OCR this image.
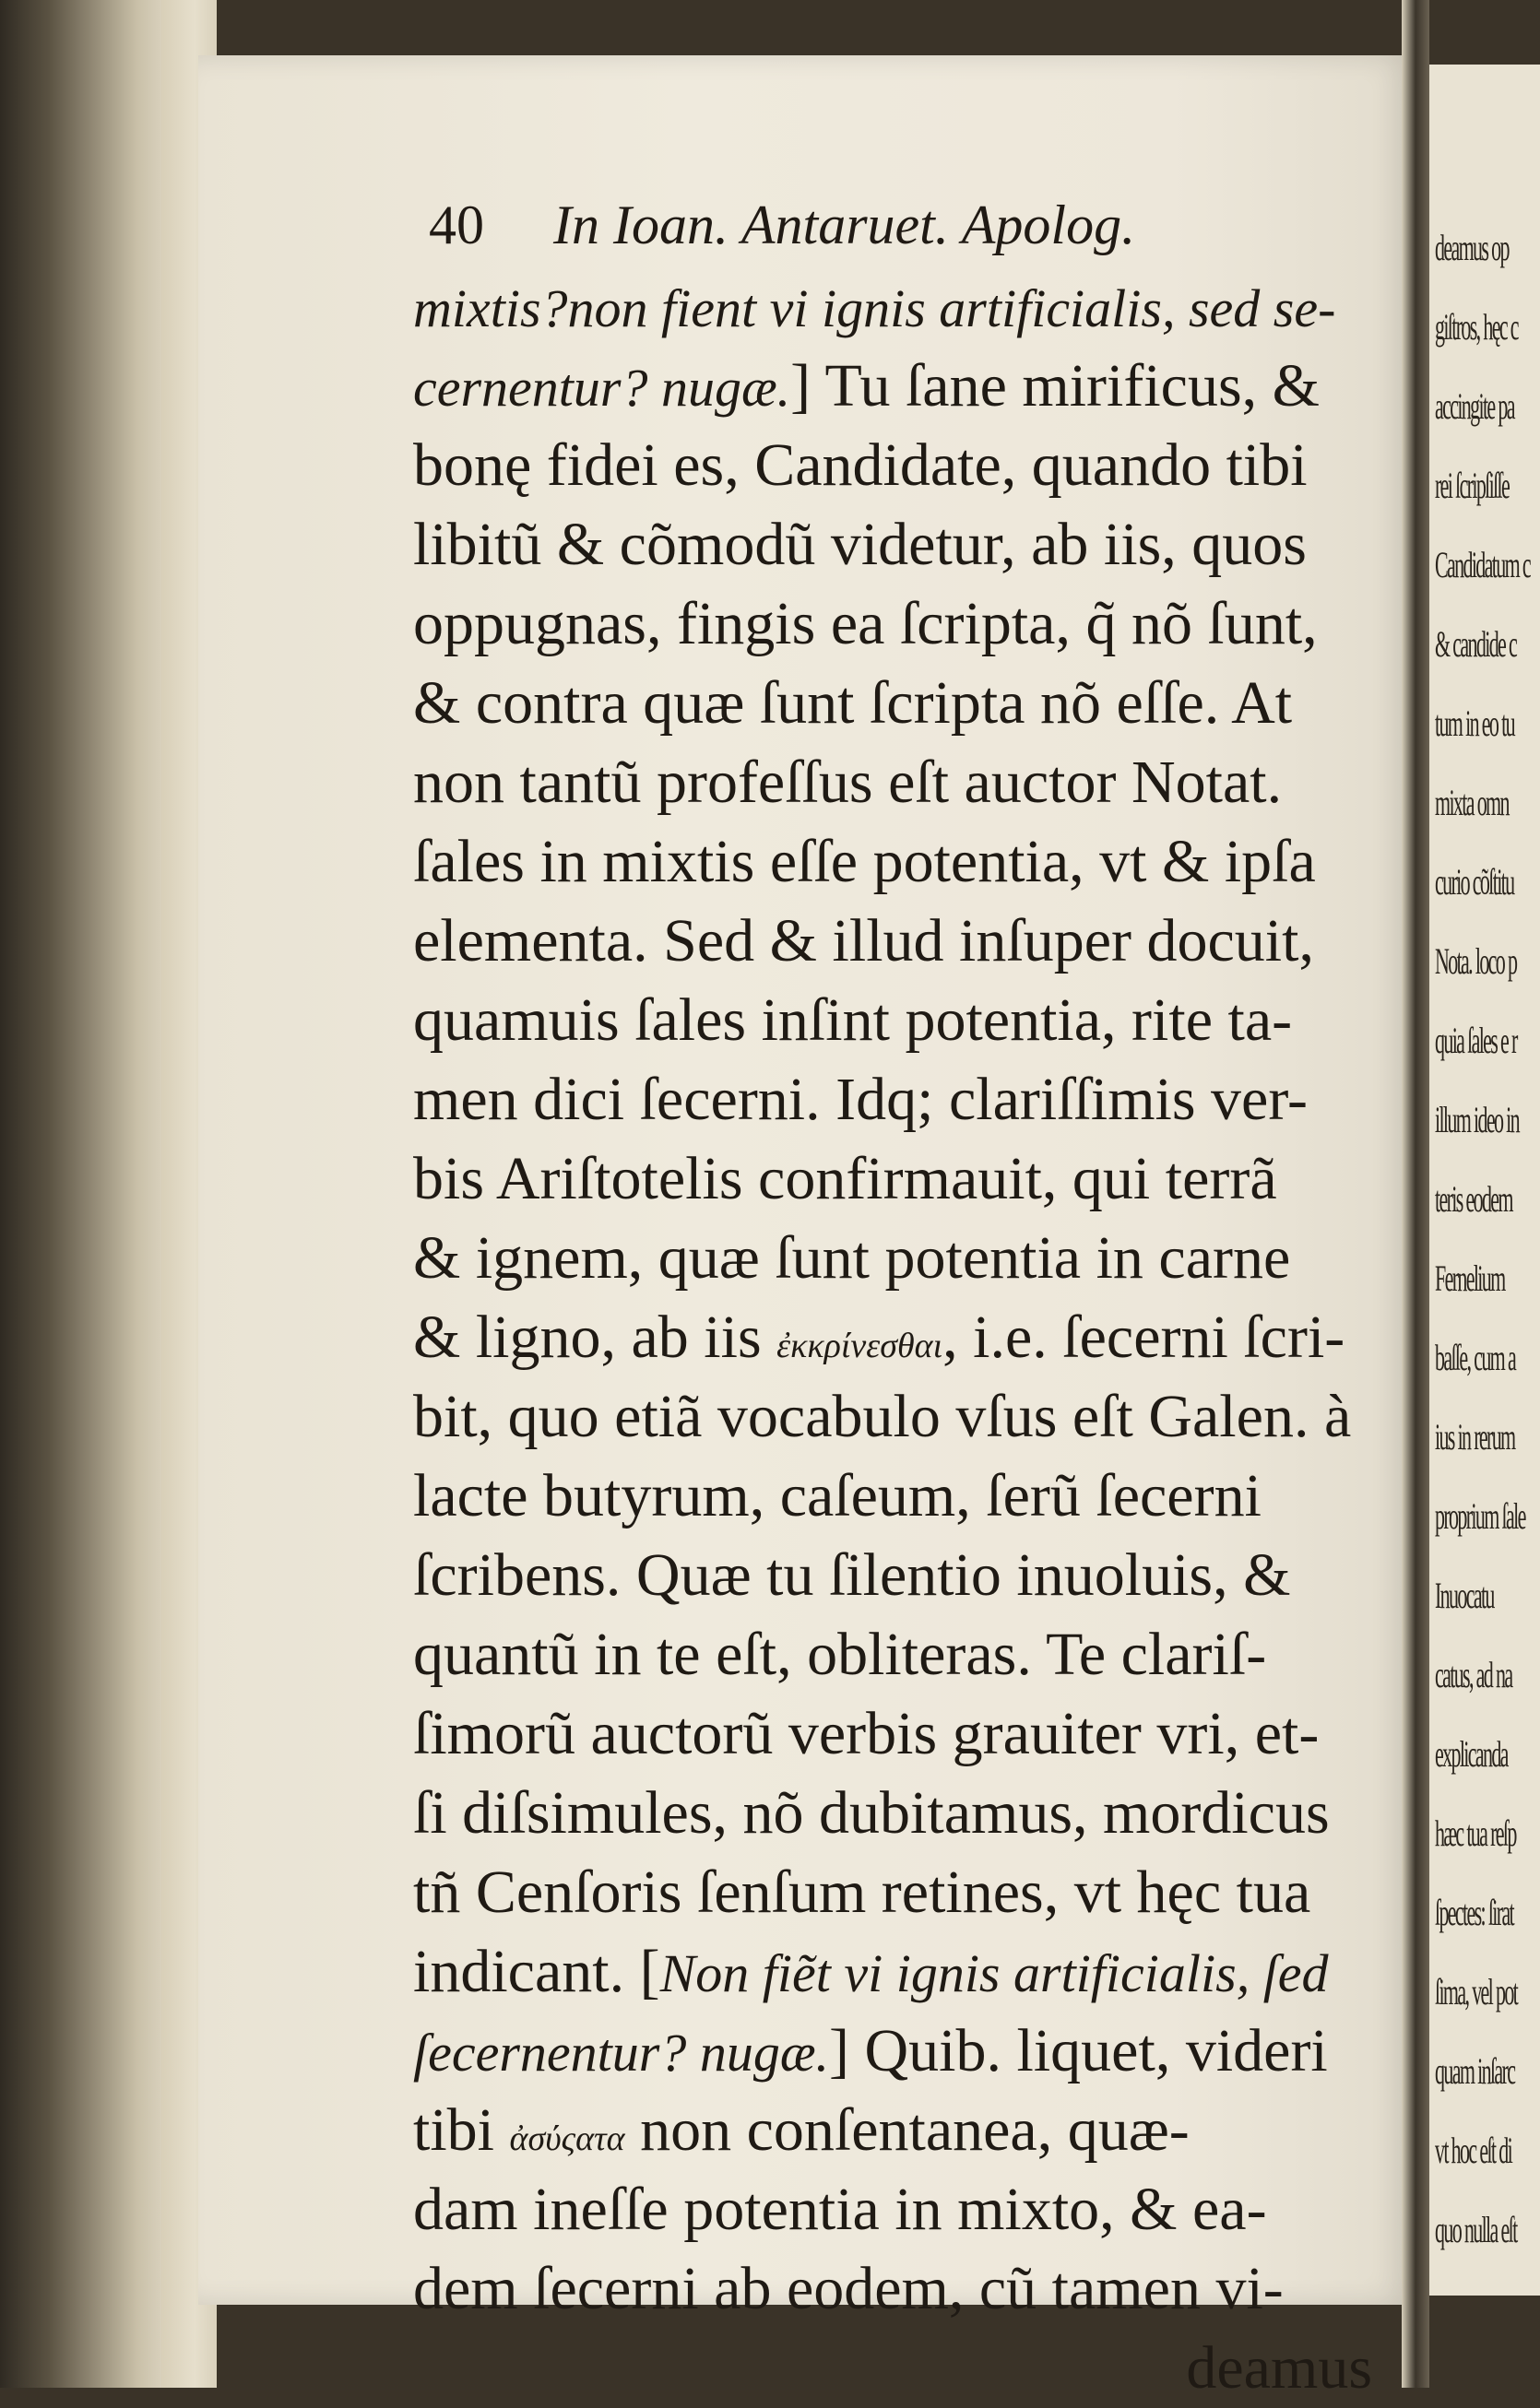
40 In Ioan. Antaruet. Apolog.
mixtis?non fient vi ignis artificialis, sed se-
cernentur? nugæ.] Tu ſane mirificus, &
bonę fidei es, Candidate, quando tibi
libitũ & cõmodũ videtur, ab iis, quos
oppugnas, fingis ea ſcripta, q̃ nõ ſunt,
& contra quæ ſunt ſcripta nõ eſſe. At
non tantũ profeſſus eſt auctor Notat.
ſales in mixtis eſſe potentia, vt & ipſa
elementa. Sed & illud inſuper docuit,
quamuis ſales inſint potentia, rite ta-
men dici ſecerni. Idq; clariſſimis ver-
bis Ariſtotelis confirmauit, qui terrã
& ignem, quæ ſunt potentia in carne
& ligno, ab iis ἐκκρίνεσθαι, i.e. ſecerni ſcri-
bit, quo etiã vocabulo vſus eſt Galen. à
lacte butyrum, caſeum, ſerũ ſecerni
ſcribens. Quæ tu ſilentio inuoluis, &
quantũ in te eſt, obliteras. Te clariſ-
ſimorũ auctorũ verbis grauiter vri, et-
ſi diſsimules, nõ dubitamus, mordicus
tñ Cenſoris ſenſum retines, vt hęc tua
indicant. [Non fiẽt vi ignis artificialis, ſed
ſecernentur? nugæ.] Quib. liquet, videri
tibi ἀσύςατα non conſentanea, quæ-
dam ineſſe potentia in mixto, & ea-
dem ſecerni ab eodem, cũ tamen vi-
deamus
deamus op
giſtros, hęc c
accingite pa
rei ſcripſiſſe
Candidatum c
& candide c
tum in eo tu
mixta omn
curio cõſtitu
Nota. loco p
quia ſales e r
illum ideo in
teris eodem
Fernelium
baſſe, cum a
ius in rerum
proprium ſale
Inuocatu
catus, ad na
explicanda
hæc tua reſp
ſpectes: ſirat
ſima, vel pot
quam inſarc
vt hoc eſt di
quo nulla eſt
